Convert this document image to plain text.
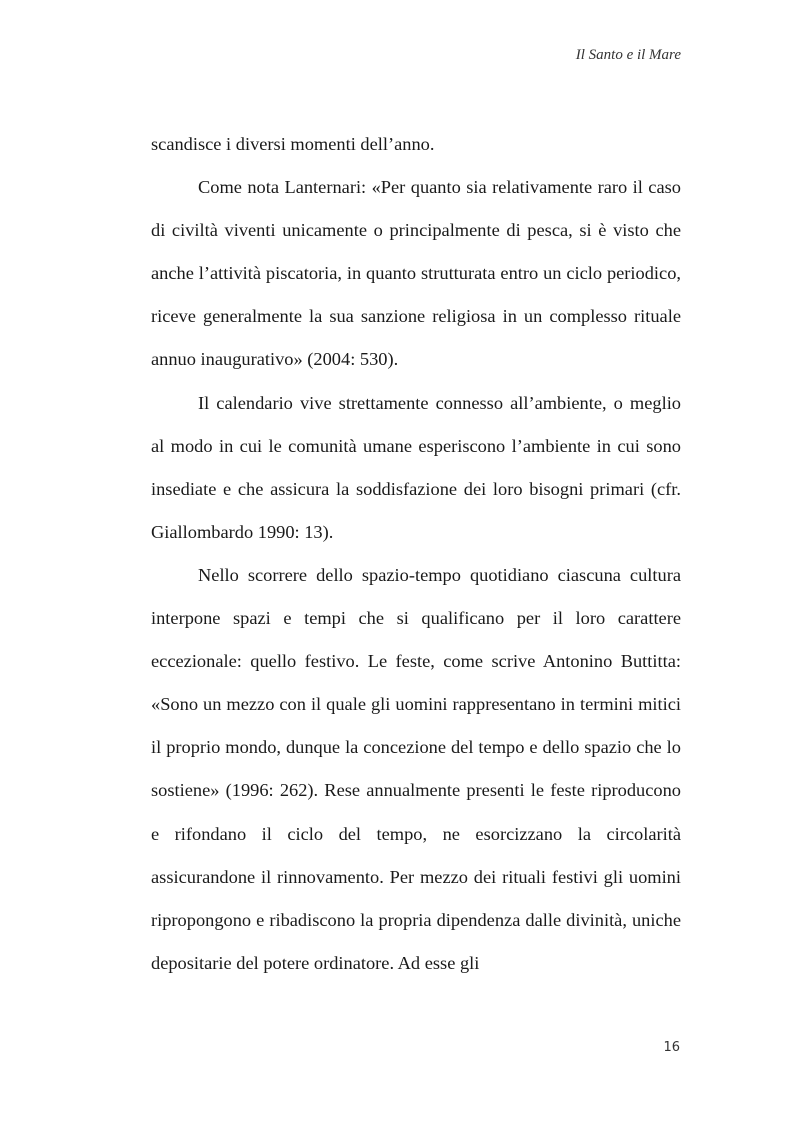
Il Santo e il Mare

scandisce i diversi momenti dell’anno.

Come nota Lanternari: «Per quanto sia relativamente raro il caso di civiltà viventi unicamente o principalmente di pesca, si è visto che anche l’attività piscatoria, in quanto strutturata entro un ciclo periodico, riceve generalmente la sua sanzione religiosa in un complesso rituale annuo inaugurativo» (2004: 530).

Il calendario vive strettamente connesso all’ambiente, o meglio al modo in cui le comunità umane esperiscono l’ambiente in cui sono insediate e che assicura la soddisfazione dei loro bisogni primari (cfr. Giallombardo 1990: 13).

Nello scorrere dello spazio-tempo quotidiano ciascuna cultura interpone spazi e tempi che si qualificano per il loro carattere eccezionale: quello festivo. Le feste, come scrive Antonino Buttitta: «Sono un mezzo con il quale gli uomini rappresentano in termini mitici il proprio mondo, dunque la concezione del tempo e dello spazio che lo sostiene» (1996: 262). Rese annualmente presenti le feste riproducono e rifondano il ciclo del tempo, ne esorcizzano la circolarità assicurandone il rinnovamento. Per mezzo dei rituali festivi gli uomini ripropongono e ribadiscono la propria dipendenza dalle divinità, uniche depositarie del potere ordinatore. Ad esse gli

16
